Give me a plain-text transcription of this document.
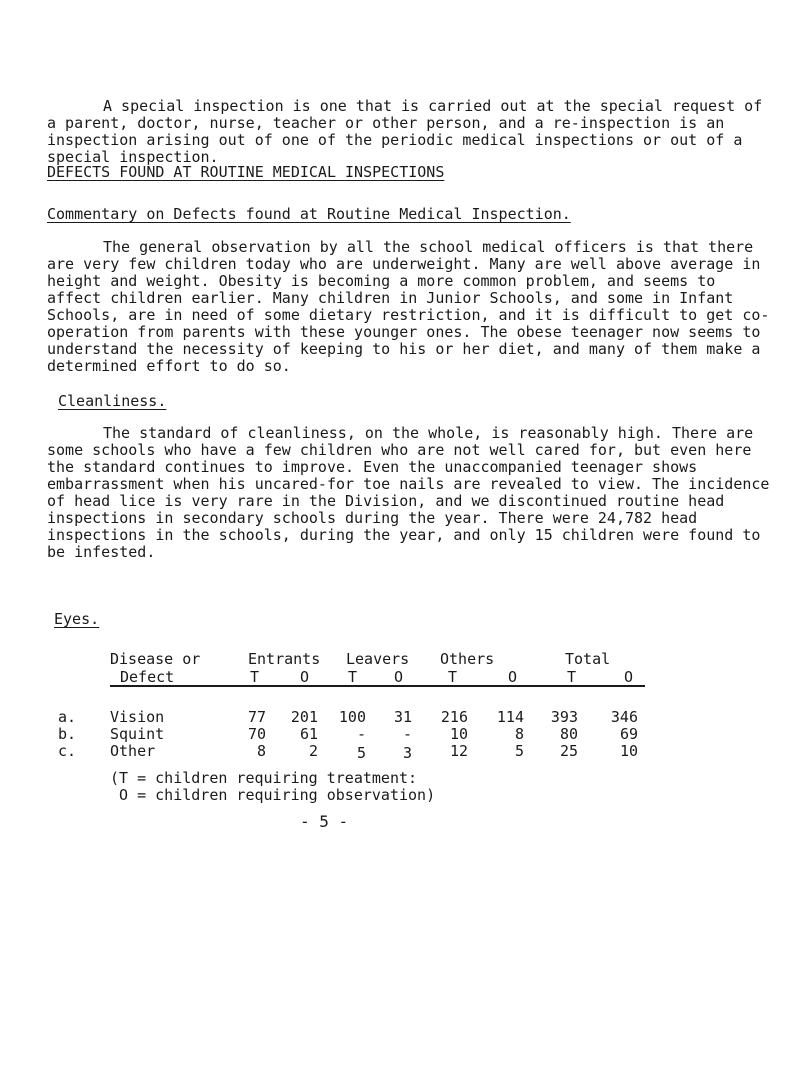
A special inspection is one that is carried out at the special request of a parent, doctor, nurse, teacher or other person, and a re-inspection is an inspection arising out of one of the periodic medical inspections or out of a special inspection.

DEFECTS FOUND AT ROUTINE MEDICAL INSPECTIONS
Commentary on Defects found at Routine Medical Inspection.

The general observation by all the school medical officers is that there are very few children today who are underweight. Many are well above average in height and weight. Obesity is becoming a more common problem, and seems to affect children earlier. Many children in Junior Schools, and some in Infant Schools, are in need of some dietary restriction, and it is difficult to get co-operation from parents with these younger ones. The obese teenager now seems to understand the necessity of keeping to his or her diet, and many of them make a determined effort to do so.

Cleanliness.

The standard of cleanliness, on the whole, is reasonably high. There are some schools who have a few children who are not well cared for, but even here the standard continues to improve. Even the unaccompanied teenager shows embarrassment when his uncared-for toe nails are revealed to view. The incidence of head lice is very rare in the Division, and we discontinued routine head inspections in secondary schools during the year. There were 24,782 head inspections in the schools, during the year, and only 15 children were found to be infested.

Eyes.
Disease or
Defect
Entrants Leavers Others	Total
T	O	T O	T	O	T	O
a. Vision	77	201	100	31	216	114	393	346
b. Squint	70	61	-	-	10	8	80	69
c. Other	8	2	5	3	12	5	25	10
(T = children requiring treatment:
O = children requiring observation)
- 5 -
